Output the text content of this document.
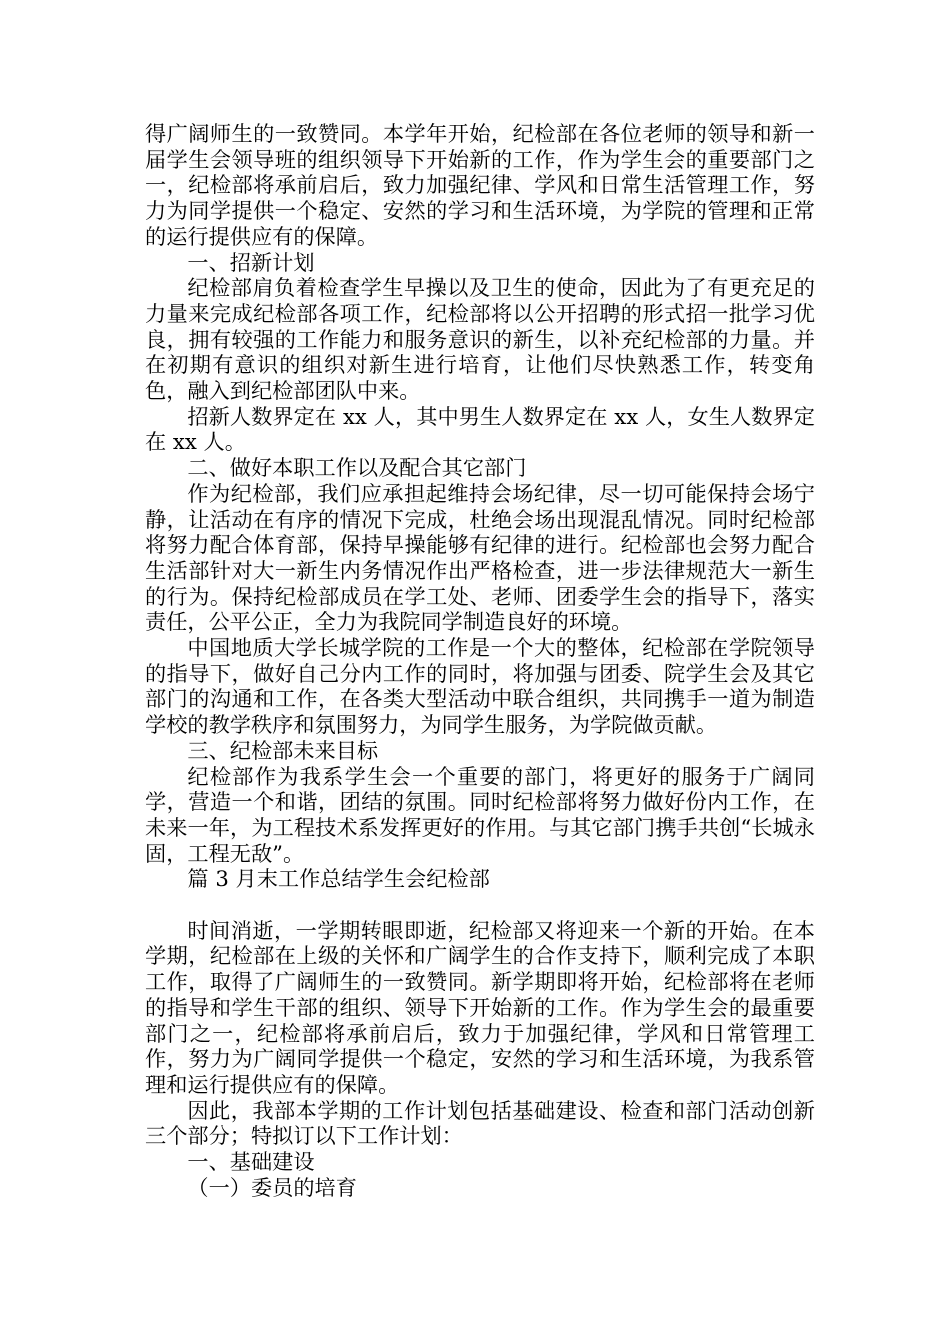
得广阔师生的一致赞同。本学年开始，纪检部在各位老师的领导和新一届学生会领导班的组织领导下开始新的工作，作为学生会的重要部门之一，纪检部将承前启后，致力加强纪律、学风和日常生活管理工作，努力为同学提供一个稳定、安然的学习和生活环境，为学院的管理和正常的运行提供应有的保障。

一、招新计划

纪检部肩负着检查学生早操以及卫生的使命，因此为了有更充足的力量来完成纪检部各项工作，纪检部将以公开招聘的形式招一批学习优良，拥有较强的工作能力和服务意识的新生，以补充纪检部的力量。并在初期有意识的组织对新生进行培育，让他们尽快熟悉工作，转变角色，融入到纪检部团队中来。

招新人数界定在 xx 人，其中男生人数界定在 xx 人，女生人数界定在 xx 人。

二、做好本职工作以及配合其它部门

作为纪检部，我们应承担起维持会场纪律，尽一切可能保持会场宁静，让活动在有序的情况下完成，杜绝会场出现混乱情况。同时纪检部将努力配合体育部，保持早操能够有纪律的进行。纪检部也会努力配合生活部针对大一新生内务情况作出严格检查，进一步法律规范大一新生的行为。保持纪检部成员在学工处、老师、团委学生会的指导下，落实责任，公平公正，全力为我院同学制造良好的环境。

中国地质大学长城学院的工作是一个大的整体，纪检部在学院领导的指导下，做好自己分内工作的同时，将加强与团委、院学生会及其它部门的沟通和工作，在各类大型活动中联合组织，共同携手一道为制造学校的教学秩序和氛围努力，为同学生服务，为学院做贡献。

三、纪检部未来目标

纪检部作为我系学生会一个重要的部门，将更好的服务于广阔同学，营造一个和谐，团结的氛围。同时纪检部将努力做好份内工作，在未来一年，为工程技术系发挥更好的作用。与其它部门携手共创“长城永固，工程无敌”。

篇 3 月末工作总结学生会纪检部

时间消逝，一学期转眼即逝，纪检部又将迎来一个新的开始。在本学期，纪检部在上级的关怀和广阔学生的合作支持下，顺利完成了本职工作，取得了广阔师生的一致赞同。新学期即将开始，纪检部将在老师的指导和学生干部的组织、领导下开始新的工作。作为学生会的最重要部门之一，纪检部将承前启后，致力于加强纪律，学风和日常管理工作，努力为广阔同学提供一个稳定，安然的学习和生活环境，为我系管理和运行提供应有的保障。

因此，我部本学期的工作计划包括基础建设、检查和部门活动创新三个部分；特拟订以下工作计划：

一、基础建设

（一）委员的培育
